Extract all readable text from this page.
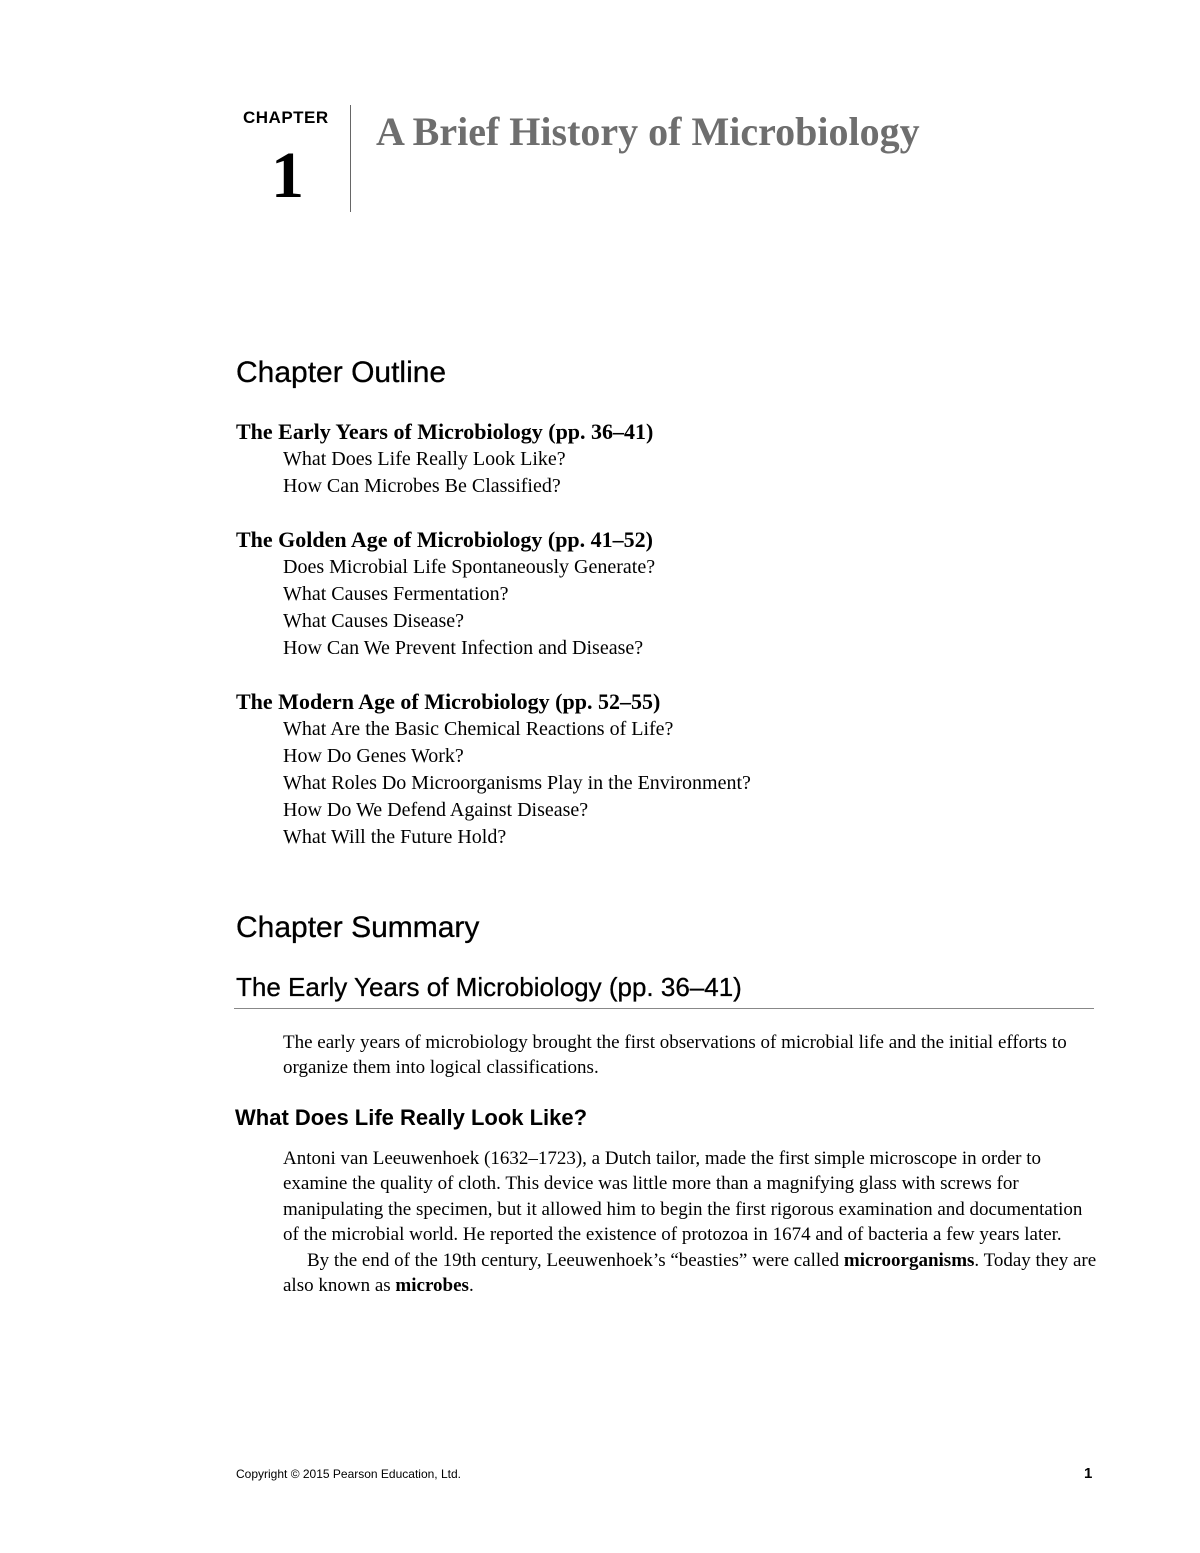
CHAPTER
1
A Brief History of Microbiology
Chapter Outline
The Early Years of Microbiology (pp. 36–41)
What Does Life Really Look Like?
How Can Microbes Be Classified?
The Golden Age of Microbiology (pp. 41–52)
Does Microbial Life Spontaneously Generate?
What Causes Fermentation?
What Causes Disease?
How Can We Prevent Infection and Disease?
The Modern Age of Microbiology (pp. 52–55)
What Are the Basic Chemical Reactions of Life?
How Do Genes Work?
What Roles Do Microorganisms Play in the Environment?
How Do We Defend Against Disease?
What Will the Future Hold?
Chapter Summary
The Early Years of Microbiology (pp. 36–41)
The early years of microbiology brought the first observations of microbial life and the initial efforts to organize them into logical classifications.
What Does Life Really Look Like?

Antoni van Leeuwenhoek (1632–1723), a Dutch tailor, made the first simple microscope in order to examine the quality of cloth. This device was little more than a magnifying glass with screws for manipulating the specimen, but it allowed him to begin the first rigorous examination and documentation of the microbial world. He reported the existence of protozoa in 1674 and of bacteria a few years later.

By the end of the 19th century, Leeuwenhoek’s “beasties” were called microorganisms. Today they are also known as microbes.

Copyright © 2015 Pearson Education, Ltd.	1
